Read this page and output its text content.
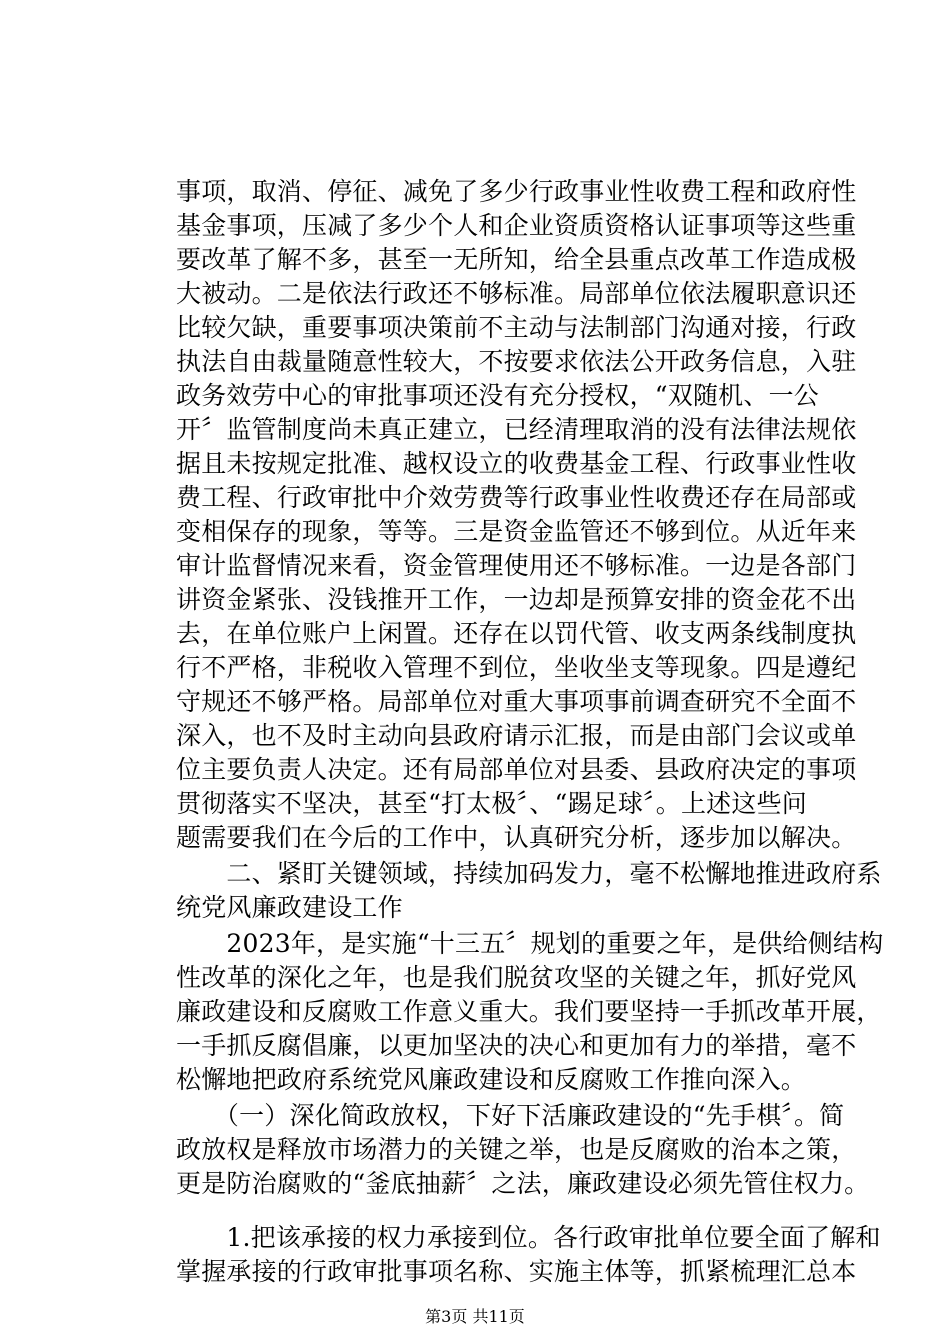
事项，取消、停征、减免了多少行政事业性收费工程和政府性
基金事项，压减了多少个人和企业资质资格认证事项等这些重
要改革了解不多，甚至一无所知，给全县重点改革工作造成极
大被动。二是依法行政还不够标准。局部单位依法履职意识还
比较欠缺，重要事项决策前不主动与法制部门沟通对接，行政
执法自由裁量随意性较大，不按要求依法公开政务信息，入驻
政务效劳中心的审批事项还没有充分授权，“双随机、一公
开〞监管制度尚未真正建立，已经清理取消的没有法律法规依
据且未按规定批准、越权设立的收费基金工程、行政事业性收
费工程、行政审批中介效劳费等行政事业性收费还存在局部或
变相保存的现象，等等。三是资金监管还不够到位。从近年来
审计监督情况来看，资金管理使用还不够标准。一边是各部门
讲资金紧张、没钱推开工作，一边却是预算安排的资金花不出
去，在单位账户上闲置。还存在以罚代管、收支两条线制度执
行不严格，非税收入管理不到位，坐收坐支等现象。四是遵纪
守规还不够严格。局部单位对重大事项事前调查研究不全面不
深入，也不及时主动向县政府请示汇报，而是由部门会议或单
位主要负责人决定。还有局部单位对县委、县政府决定的事项
贯彻落实不坚决，甚至“打太极〞、“踢足球〞。上述这些问
题需要我们在今后的工作中，认真研究分析，逐步加以解决。
　　二、紧盯关键领域，持续加码发力，毫不松懈地推进政府系
统党风廉政建设工作
　　2023年，是实施“十三五〞规划的重要之年，是供给侧结构
性改革的深化之年，也是我们脱贫攻坚的关键之年，抓好党风
廉政建设和反腐败工作意义重大。我们要坚持一手抓改革开展，
一手抓反腐倡廉，以更加坚决的决心和更加有力的举措，毫不
松懈地把政府系统党风廉政建设和反腐败工作推向深入。
　　（一）深化简政放权，下好下活廉政建设的“先手棋〞。简
政放权是释放市场潜力的关键之举，也是反腐败的治本之策，
更是防治腐败的“釜底抽薪〞之法，廉政建设必须先管住权力。
第3页 共11页
　　1.把该承接的权力承接到位。各行政审批单位要全面了解和
掌握承接的行政审批事项名称、实施主体等，抓紧梳理汇总本
